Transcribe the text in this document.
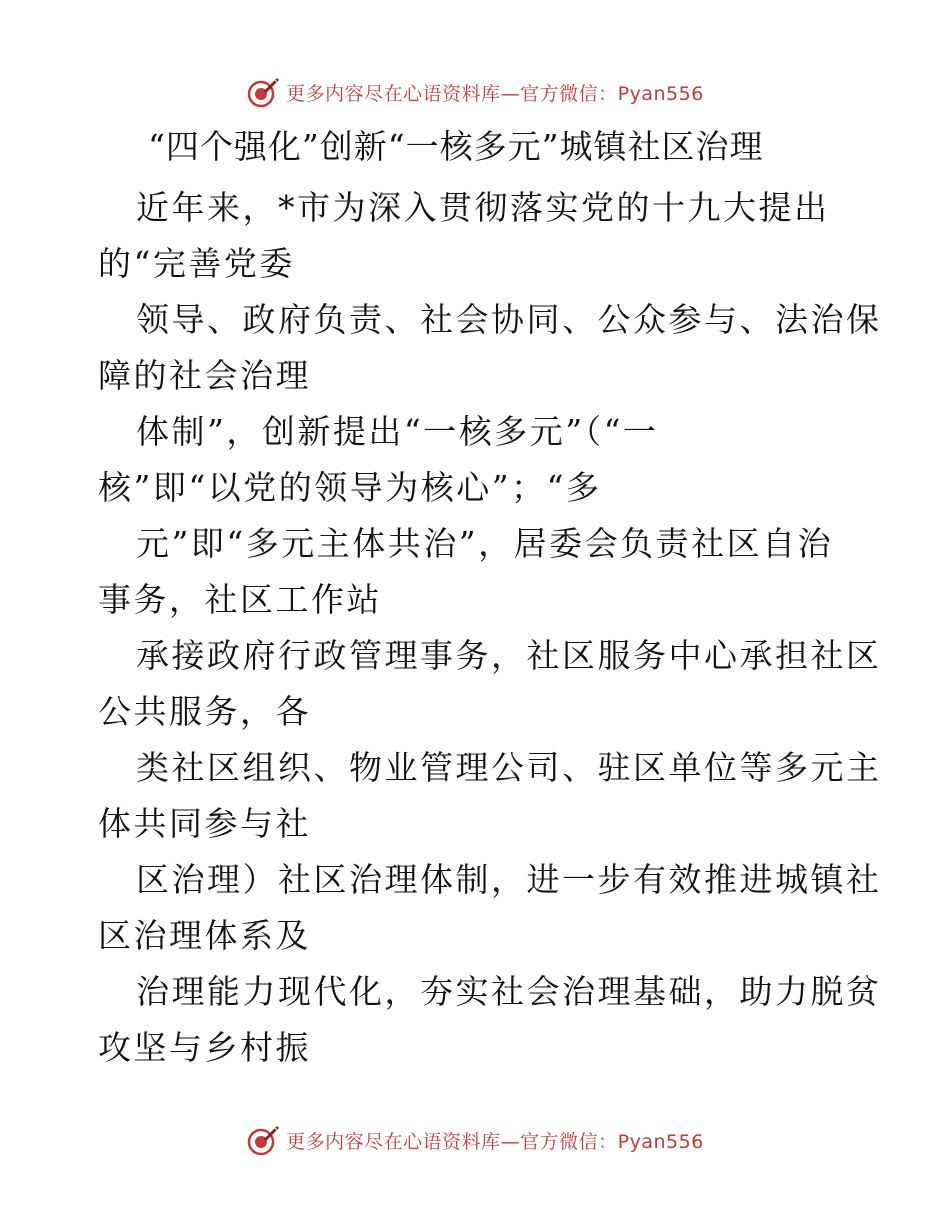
更多内容尽在心语资料库—官方微信：Pyan556
“四个强化”创新“一核多元”城镇社区治理
近年来，*市为深入贯彻落实党的十九大提出
的“完善党委
领导、政府负责、社会协同、公众参与、法治保
障的社会治理
体制”，创新提出“一核多元”（“一
核”即“以党的领导为核心”；“多
元”即“多元主体共治”，居委会负责社区自治
事务，社区工作站
承接政府行政管理事务，社区服务中心承担社区
公共服务，各
类社区组织、物业管理公司、驻区单位等多元主
体共同参与社
区治理）社区治理体制，进一步有效推进城镇社
区治理体系及
治理能力现代化，夯实社会治理基础，助力脱贫
攻坚与乡村振
更多内容尽在心语资料库—官方微信：Pyan556
